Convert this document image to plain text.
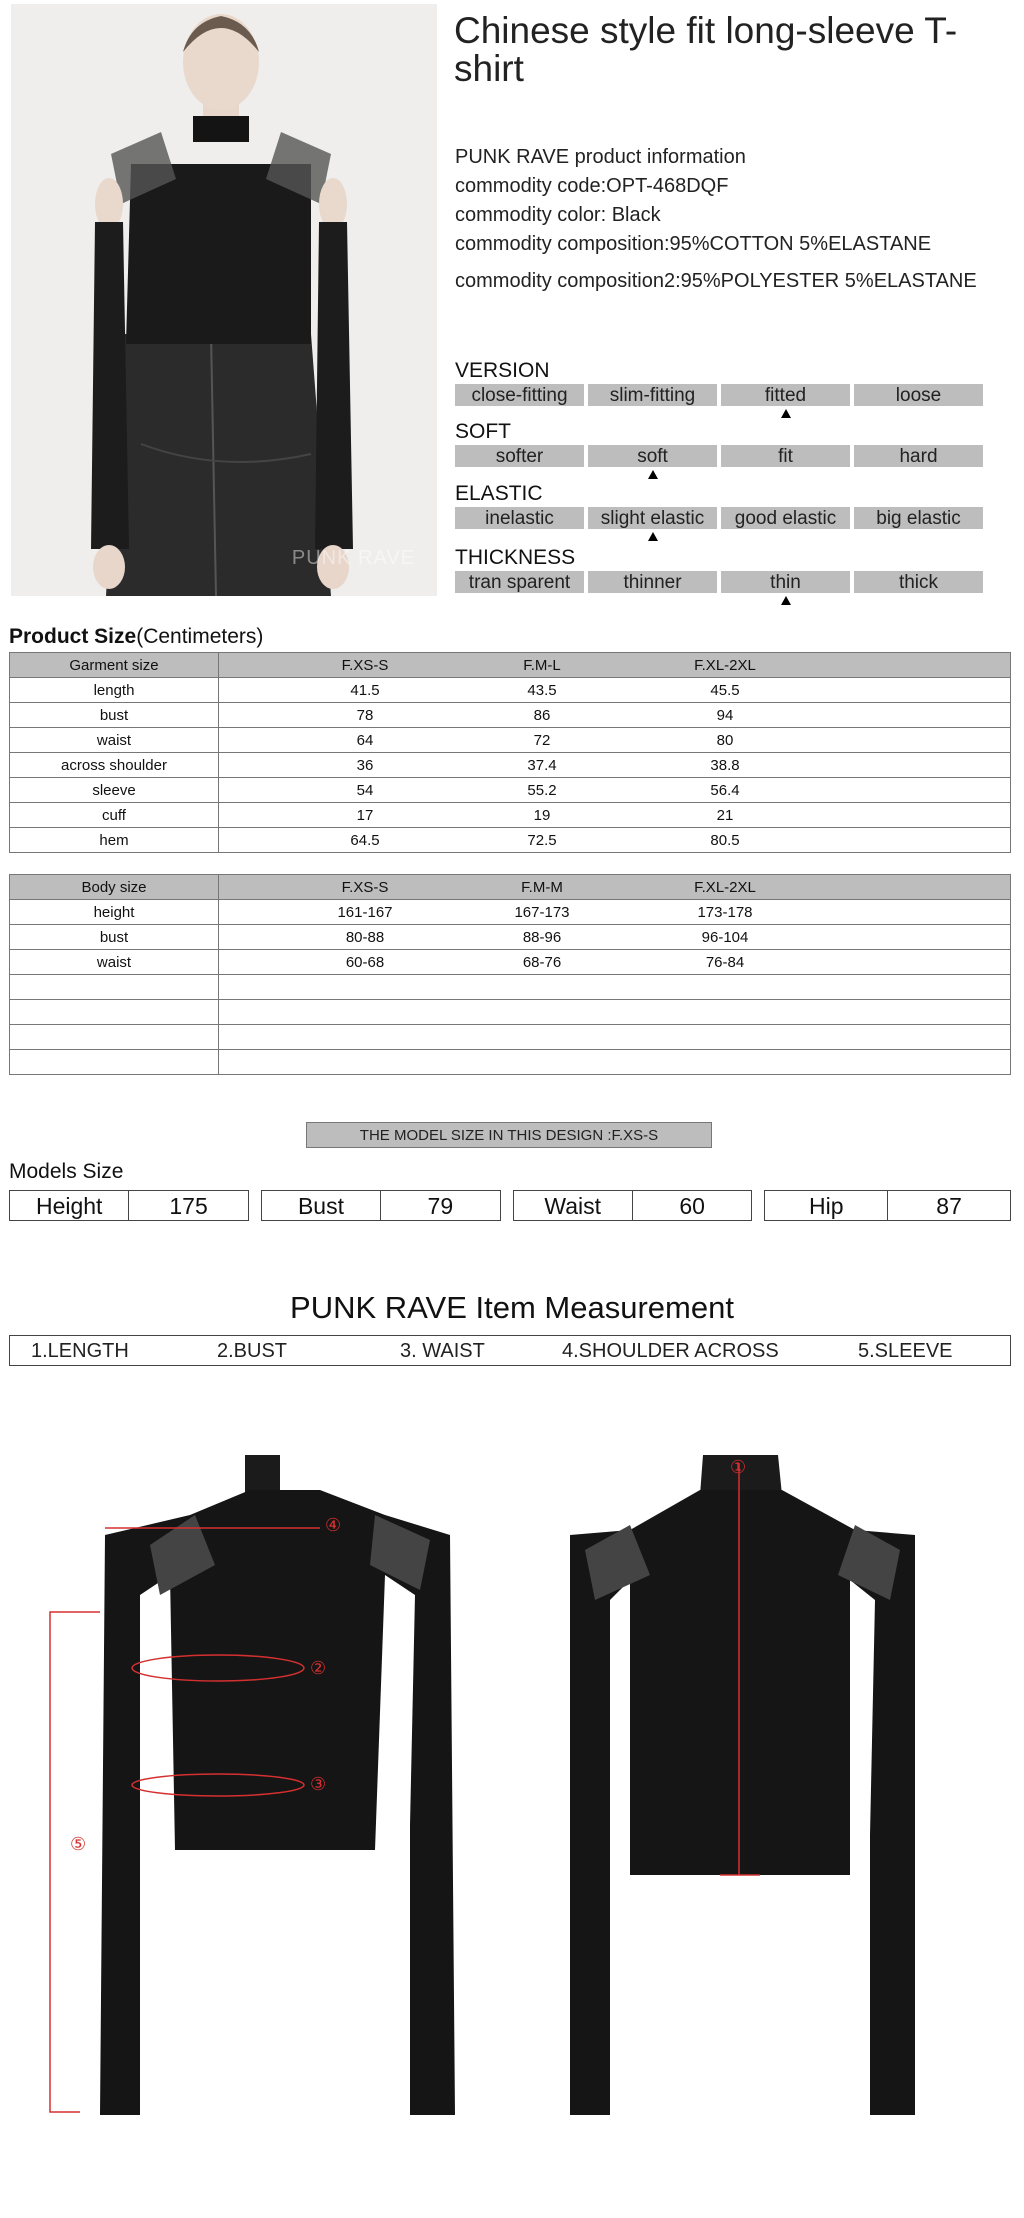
PUNK RAVE
Chinese style fit long-sleeve T-shirt
PUNK RAVE product information
commodity code:OPT-468DQF
commodity color: Black
commodity composition:95%COTTON 5%ELASTANE
commodity composition2:95%POLYESTER 5%ELASTANE
VERSION
close-fitting	slim-fitting	fitted	loose
SOFT
softer	soft	fit	hard
ELASTIC
inelastic	slight elastic	good elastic	big elastic
THICKNESS
tran sparent	thinner	thin	thick
Product Size(Centimeters)
Garment size	F.XS-S F.M-L F.XL-2XL

length	41.5 43.5 45.5

bust	78 86 94

waist	64 72 80

across shoulder	36 37.4 38.8

sleeve	54 55.2 56.4

cuff	17 19 21

hem	64.5 72.5 80.5
Body size	F.XS-S F.M-M F.XL-2XL

height	161-167 167-173 173-178

bust	80-88 88-96 96-104

waist	60-68 68-76 76-84

THE MODEL SIZE IN THIS DESIGN :F.XS-S
Models Size
Height	175	Bust	79	Waist	60	Hip	87
PUNK RAVE Item Measurement
1.LENGTH	2.BUST	3. WAIST	4.SHOULDER ACROSS	5.SLEEVE
④
②
③
⑤
①
